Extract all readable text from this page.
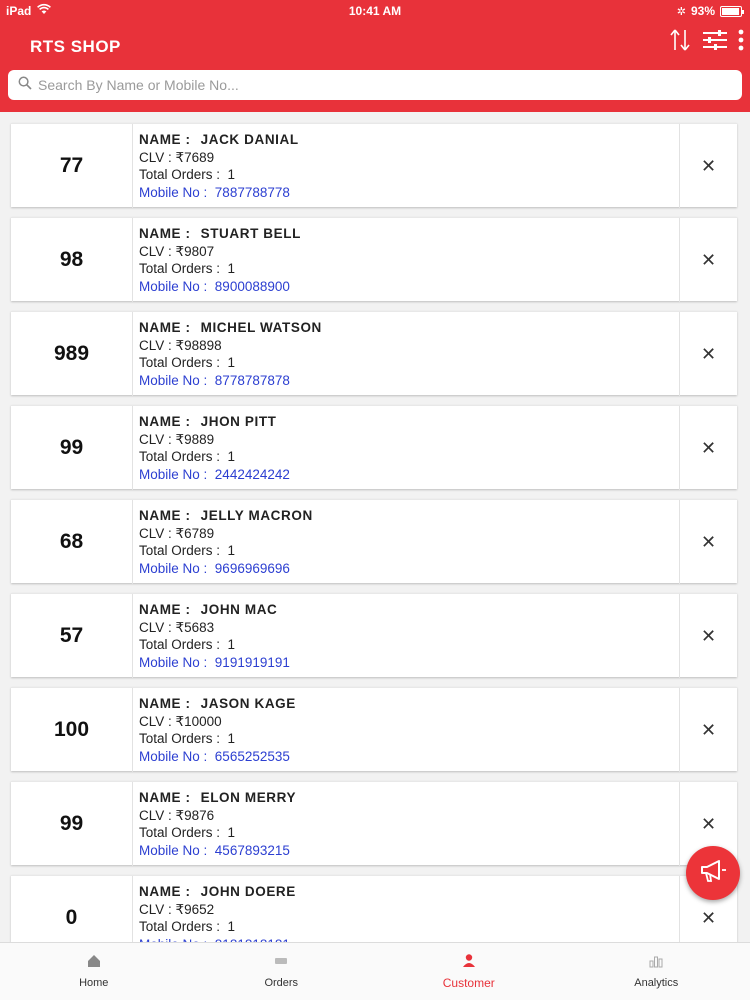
iPad	10:41 AM	✲ 93%
RTS SHOP
Search By Name or Mobile No...
77
NAME : JACK DANIAL
CLV : ₹7689
Total Orders : 1
Mobile No : 7887788778
✕
98
NAME : STUART BELL
CLV : ₹9807
Total Orders : 1
Mobile No : 8900088900
✕
989
NAME : MICHEL WATSON
CLV : ₹98898
Total Orders : 1
Mobile No : 8778787878
✕
99
NAME : JHON PITT
CLV : ₹9889
Total Orders : 1
Mobile No : 2442424242
✕
68
NAME : JELLY MACRON
CLV : ₹6789
Total Orders : 1
Mobile No : 9696969696
✕
57
NAME : JOHN MAC
CLV : ₹5683
Total Orders : 1
Mobile No : 9191919191
✕
100
NAME : JASON KAGE
CLV : ₹10000
Total Orders : 1
Mobile No : 6565252535
✕
99
NAME : ELON MERRY
CLV : ₹9876
Total Orders : 1
Mobile No : 4567893215
✕
0
NAME : JOHN DOERE
CLV : ₹9652
Total Orders : 1
	✕
Home	Orders	Customer	Analytics
